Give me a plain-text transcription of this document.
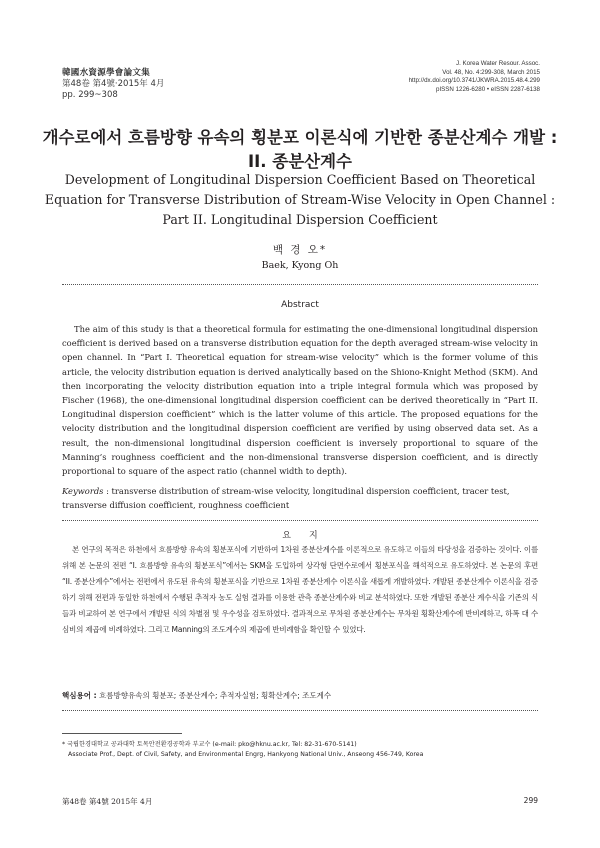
韓國水資源學會論文集
第48卷 第4號·2015年 4月
pp. 299~308
J. Korea Water Resour. Assoc.
Vol. 48, No. 4:299-308, March 2015
http://dx.doi.org/10.3741/JKWRA.2015.48.4.299
pISSN 1226-6280 • eISSN 2287-6138
개수로에서 흐름방향 유속의 횡분포 이론식에 기반한 종분산계수 개발 : II. 종분산계수
Development of Longitudinal Dispersion Coefficient Based on Theoretical
Equation for Transverse Distribution of Stream-Wise Velocity in Open Channel :
Part II. Longitudinal Dispersion Coefficient
백 경 오*
Baek, Kyong Oh
Abstract
The aim of this study is that a theoretical formula for estimating the one-dimensional longitudinal dispersion coefficient is derived based on a transverse distribution equation for the depth averaged stream-wise velocity in open channel. In “Part I. Theoretical equation for stream-wise velocity” which is the former volume of this article, the velocity distribution equation is derived analytically based on the Shiono-Knight Method (SKM). And then incorporating the velocity distribution equation into a triple integral formula which was proposed by Fischer (1968), the one-dimensional longitudinal dispersion coefficient can be derived theoretically in “Part II. Longitudinal dispersion coefficient” which is the latter volume of this article. The proposed equations for the velocity distribution and the longitudinal dispersion coefficient are verified by using observed data set. As a result, the non-dimensional longitudinal dispersion coefficient is inversely proportional to square of the Manning’s roughness coefficient and the non-dimensional transverse dispersion coefficient, and is directly proportional to square of the aspect ratio (channel width to depth).
Keywords : transverse distribution of stream-wise velocity, longitudinal dispersion coefficient, tracer test, transverse diffusion coefficient, roughness coefficient
요　　지
본 연구의 목적은 하천에서 흐름방향 유속의 횡분포식에 기반하여 1차원 종분산계수를 이론적으로 유도하고 이들의 타당성을 검증하는 것이다. 이를 위해 본 논문의 전편 “I. 흐름방향 유속의 횡분포식”에서는 SKM을 도입하여 상각형 단면수로에서 횡분포식을 해석적으로 유도하였다. 본 논문의 후편 “II. 종분산계수”에서는 전편에서 유도된 유속의 횡분포식을 기반으로 1차원 종분산계수 이론식을 새롭게 개발하였다. 개발된 종분산계수 이론식을 검증하기 위해 전편과 동일한 하천에서 수행된 추적자 농도 실험 결과를 이용한 관측 종분산계수와 비교 분석하였다. 또한 개발된 종분산 계수식을 기존의 식들과 비교하여 본 연구에서 개발된 식의 차별점 및 우수성을 검토하였다. 결과적으로 무차원 종분산계수는 무차원 횡확산계수에 반비례하고, 하폭 대 수심비의 제곱에 비례하였다. 그리고 Manning의 조도계수의 제곱에 반비례함을 확인할 수 있었다.
핵심용어 : 흐름방향유속의 횡분포; 종분산계수; 추적자실험; 횡확산계수; 조도계수
* 국립한경대학교 공과대학 토목안전환경공학과 부교수 (e-mail: pko@hknu.ac.kr, Tel: 82-31-670-5141)
Associate Prof., Dept. of Civil, Safety, and Environmental Engrg, Hankyong National Univ., Anseong 456-749, Korea
第48卷 第4號 2015年 4月	299
